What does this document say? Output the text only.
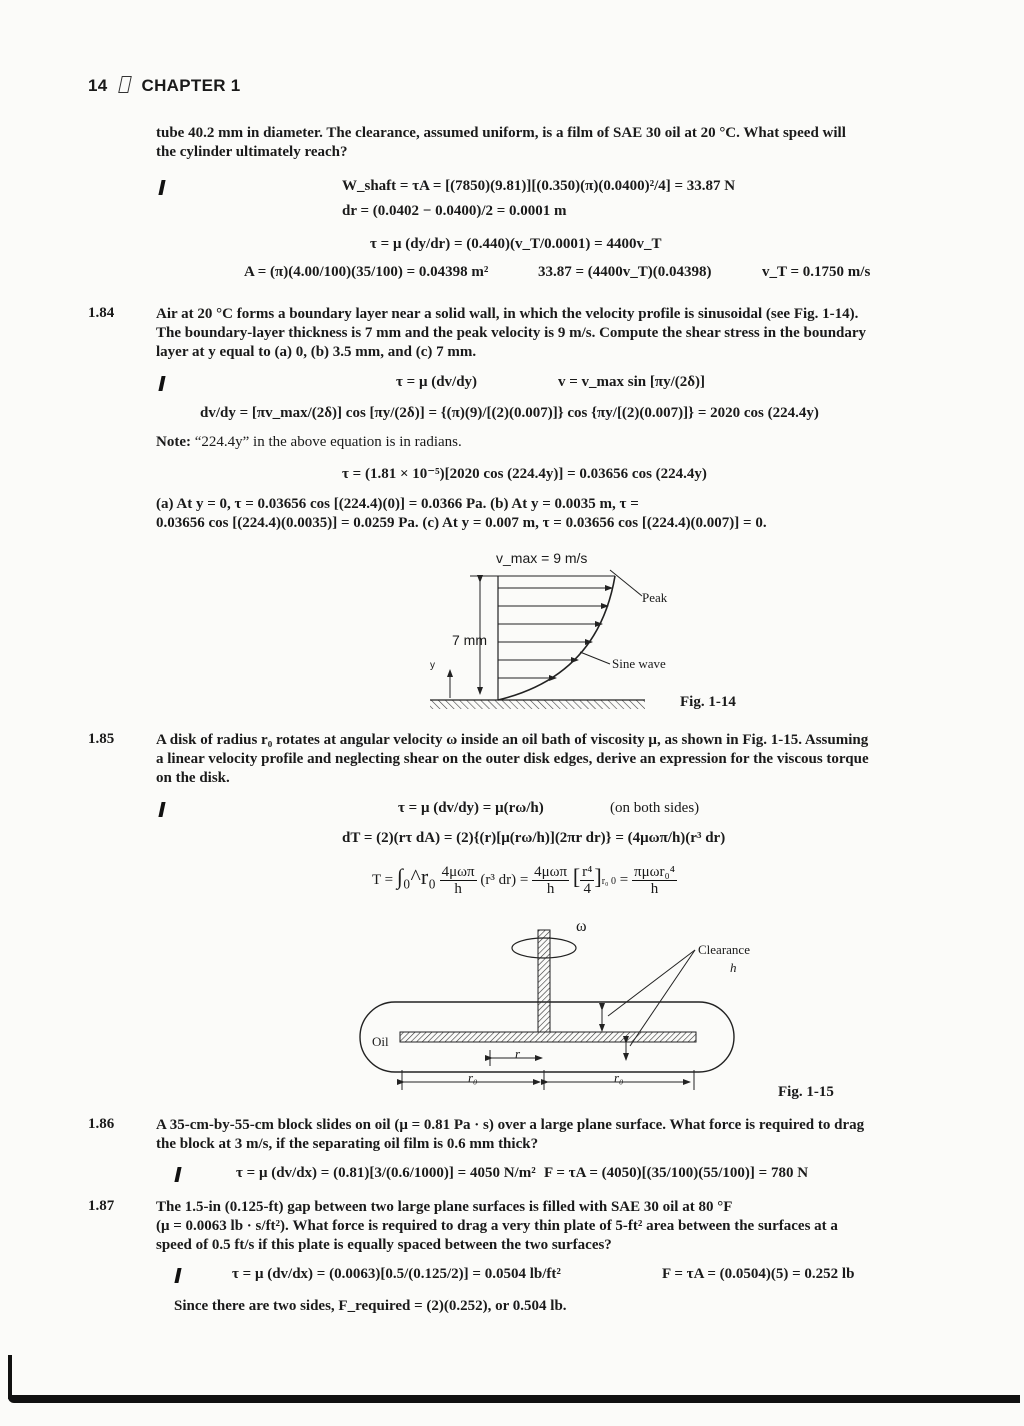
14 CHAPTER 1
tube 40.2 mm in diameter. The clearance, assumed uniform, is a film of SAE 30 oil at 20 °C. What speed will
the cylinder ultimately reach?
W_shaft = τA = [(7850)(9.81)][(0.350)(π)(0.0400)²/4] = 33.87 N
dr = (0.0402 − 0.0400)/2 = 0.0001 m
τ = μ (dy/dr) = (0.440)(v_T/0.0001) = 4400v_T
A = (π)(4.00/100)(35/100) = 0.04398 m²	33.87 = (4400v_T)(0.04398)	v_T = 0.1750 m/s
1.84	Air at 20 °C forms a boundary layer near a solid wall, in which the velocity profile is sinusoidal (see Fig. 1-14).
The boundary-layer thickness is 7 mm and the peak velocity is 9 m/s. Compute the shear stress in the boundary
layer at y equal to (a) 0, (b) 3.5 mm, and (c) 7 mm.
τ = μ (dv/dy)	v = v_max sin [πy/(2δ)]
dv/dy = [πv_max/(2δ)] cos [πy/(2δ)] = {(π)(9)/[(2)(0.007)]} cos {πy/[(2)(0.007)]} = 2020 cos (224.4y)
Note: “224.4y” in the above equation is in radians.
τ = (1.81 × 10⁻⁵)[2020 cos (224.4y)] = 0.03656 cos (224.4y)
(a) At y = 0, τ = 0.03656 cos [(224.4)(0)] = 0.0366 Pa. (b) At y = 0.0035 m, τ =
0.03656 cos [(224.4)(0.0035)] = 0.0259 Pa. (c) At y = 0.007 m, τ = 0.03656 cos [(224.4)(0.007)] = 0.
v_max = 9 m/s
Peak
7 mm
Sine wave
y
Fig. 1-14
1.85	A disk of radius r₀ rotates at angular velocity ω inside an oil bath of viscosity μ, as shown in Fig. 1-15. Assuming
a linear velocity profile and neglecting shear on the outer disk edges, derive an expression for the viscous torque
on the disk.
τ = μ (dv/dy) = μ(rω/h)	(on both sides)
dT = (2)(rτ dA) = (2){(r)[μ(rω/h)](2πr dr)} = (4μωπ/h)(r³ dr)
T = ∫₀^r₀ $\frac{\text{4μωπ}}{h} (r^3$ $dr) = \frac{\text{4μωπ}}{h}$ [ $\frac{\text{r⁴}}{4} ]r_0$ $0 = \frac{\text{πμωr₀⁴}}{h}$
ω
Clearance
h
Oil
r
r₀	r₀
Fig. 1-15
1.86	A 35-cm-by-55-cm block slides on oil (μ = 0.81 Pa · s) over a large plane surface. What force is required to drag
the block at 3 m/s, if the separating oil film is 0.6 mm thick?
τ = μ (dv/dx) = (0.81)[3/(0.6/1000)] = 4050 N/m² F = τA = (4050)[(35/100)(55/100)] = 780 N
1.87	The 1.5-in (0.125-ft) gap between two large plane surfaces is filled with SAE 30 oil at 80 °F
(μ = 0.0063 lb · s/ft²). What force is required to drag a very thin plate of 5-ft² area between the surfaces at a
speed of 0.5 ft/s if this plate is equally spaced between the two surfaces?
τ = μ (dv/dx) = (0.0063)[0.5/(0.125/2)] = 0.0504 lb/ft²	F = τA = (0.0504)(5) = 0.252 lb
Since there are two sides, F_required = (2)(0.252), or 0.504 lb.
